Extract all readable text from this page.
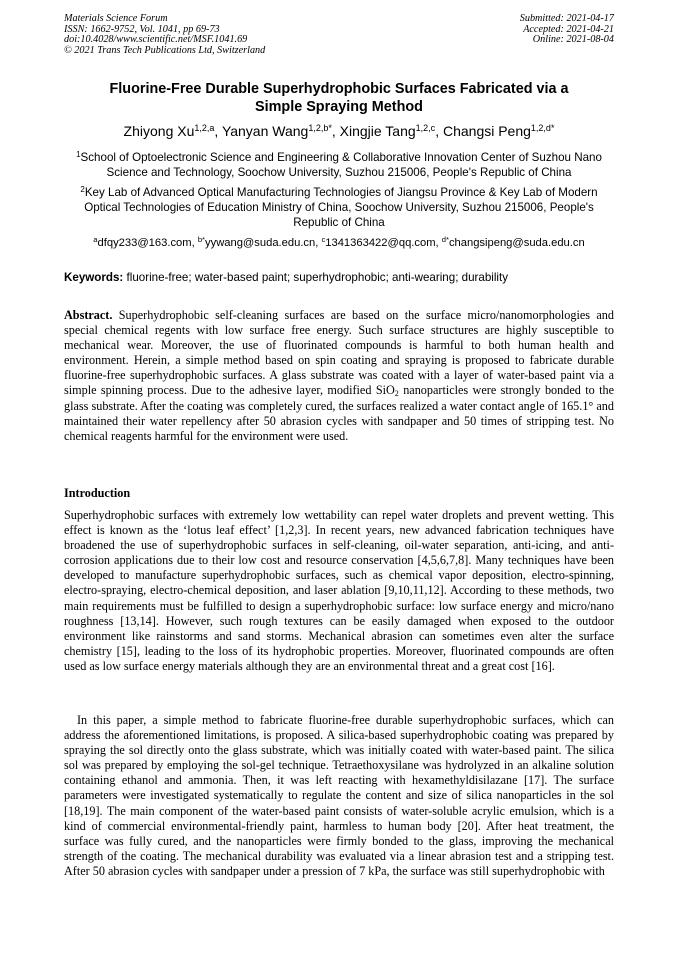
Materials Science Forum
ISSN: 1662-9752, Vol. 1041, pp 69-73
doi:10.4028/www.scientific.net/MSF.1041.69
© 2021 Trans Tech Publications Ltd, Switzerland
Submitted: 2021-04-17
Accepted: 2021-04-21
Online: 2021-08-04
Fluorine-Free Durable Superhydrophobic Surfaces Fabricated via a
Simple Spraying Method
Zhiyong Xu$^{1,2,a}$, Yanyan Wang$^{1,2,b*}$, Xingjie Tang$^{1,2,c}$, Changsi Peng$^{1,2,d*}$
$^1$School of Optoelectronic Science and Engineering & Collaborative Innovation Center of Suzhou Nano Science and Technology, Soochow University, Suzhou 215006, People's Republic of China
$^2$Key Lab of Advanced Optical Manufacturing Technologies of Jiangsu Province & Key Lab of Modern Optical Technologies of Education Ministry of China, Soochow University, Suzhou 215006, People's Republic of China
$^a$dfqy233@163.com, $^{b*}$yywang@suda.edu.cn, $^c$1341363422@qq.com, $^{d*}$changsipeng@suda.edu.cn
Keywords: fluorine-free; water-based paint; superhydrophobic; anti-wearing; durability
Abstract. Superhydrophobic self-cleaning surfaces are based on the surface micro/nanomorphologies and special chemical regents with low surface free energy. Such surface structures are highly susceptible to mechanical wear. Moreover, the use of fluorinated compounds is harmful to both human health and environment. Herein, a simple method based on spin coating and spraying is proposed to fabricate durable fluorine-free superhydrophobic surfaces. A glass substrate was coated with a layer of water-based paint via a simple spinning process. Due to the adhesive layer, modified SiO$_2$ nanoparticles were strongly bonded to the glass substrate. After the coating was completely cured, the surfaces realized a water contact angle of 165.1° and maintained their water repellency after 50 abrasion cycles with sandpaper and 50 times of stripping test. No chemical reagents harmful for the environment were used.
Introduction
Superhydrophobic surfaces with extremely low wettability can repel water droplets and prevent wetting. This effect is known as the ‘lotus leaf effect’ [1,2,3]. In recent years, new advanced fabrication techniques have broadened the use of superhydrophobic surfaces in self-cleaning, oil-water separation, anti-icing, and anti-corrosion applications due to their low cost and resource conservation [4,5,6,7,8]. Many techniques have been developed to manufacture superhydrophobic surfaces, such as chemical vapor deposition, electro-spinning, electro-spraying, electro-chemical deposition, and laser ablation [9,10,11,12]. According to these methods, two main requirements must be fulfilled to design a superhydrophobic surface: low surface energy and micro/nano roughness [13,14]. However, such rough textures can be easily damaged when exposed to the outdoor environment like rainstorms and sand storms. Mechanical abrasion can sometimes even alter the surface chemistry [15], leading to the loss of its hydrophobic properties. Moreover, fluorinated compounds are often used as low surface energy materials although they are an environmental threat and a great cost [16].
In this paper, a simple method to fabricate fluorine-free durable superhydrophobic surfaces, which can address the aforementioned limitations, is proposed. A silica-based superhydrophobic coating was prepared by spraying the sol directly onto the glass substrate, which was initially coated with water-based paint. The silica sol was prepared by employing the sol-gel technique. Tetraethoxysilane was hydrolyzed in an alkaline solution containing ethanol and ammonia. Then, it was left reacting with hexamethyldisilazane [17]. The surface parameters were investigated systematically to regulate the content and size of silica nanoparticles in the sol [18,19]. The main component of the water-based paint consists of water-soluble acrylic emulsion, which is a kind of commercial environmental-friendly paint, harmless to human body [20]. After heat treatment, the surface was fully cured, and the nanoparticles were firmly bonded to the glass, improving the mechanical strength of the coating. The mechanical durability was evaluated via a linear abrasion test and a stripping test. After 50 abrasion cycles with sandpaper under a pression of 7 kPa, the surface was still superhydrophobic with
